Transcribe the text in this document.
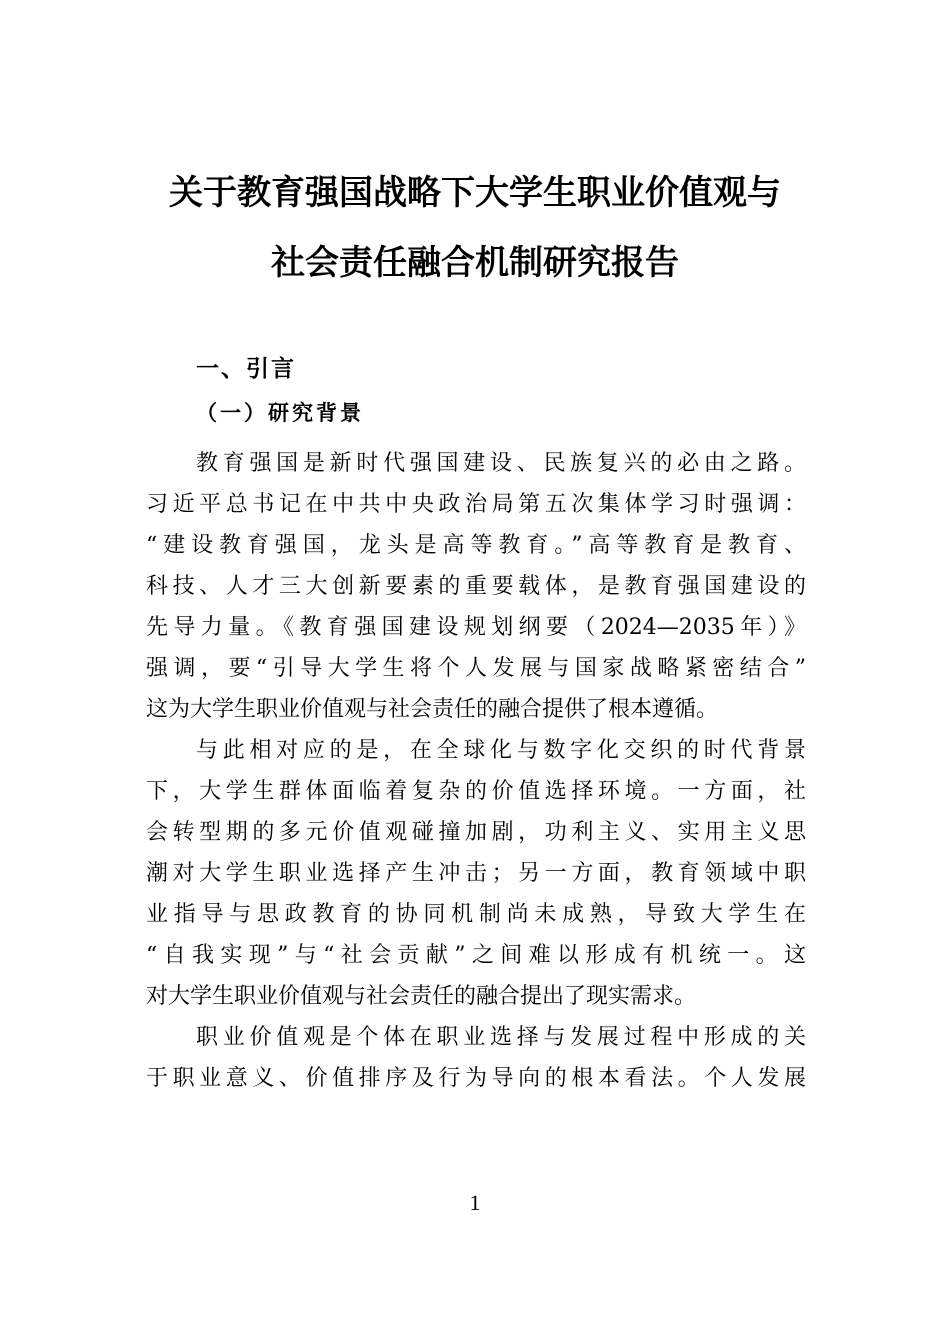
关于教育强国战略下大学生职业价值观与
社会责任融合机制研究报告
一、引言
（一）研究背景

教育强国是新时代强国建设、民族复兴的必由之路。

习近平总书记在中共中央政治局第五次集体学习时强调：

“建设教育强国，龙头是高等教育。”高等教育是教育、

科技、人才三大创新要素的重要载体，是教育强国建设的

先导力量。《教育强国建设规划纲要（2024—2035年）》

强调，要“引导大学生将个人发展与国家战略紧密结合”

这为大学生职业价值观与社会责任的融合提供了根本遵循。

与此相对应的是，在全球化与数字化交织的时代背景

下，大学生群体面临着复杂的价值选择环境。一方面，社

会转型期的多元价值观碰撞加剧，功利主义、实用主义思

潮对大学生职业选择产生冲击；另一方面，教育领域中职

业指导与思政教育的协同机制尚未成熟，导致大学生在

“自我实现”与“社会贡献”之间难以形成有机统一。这

对大学生职业价值观与社会责任的融合提出了现实需求。

职业价值观是个体在职业选择与发展过程中形成的关

于职业意义、价值排序及行为导向的根本看法。个人发展

1
